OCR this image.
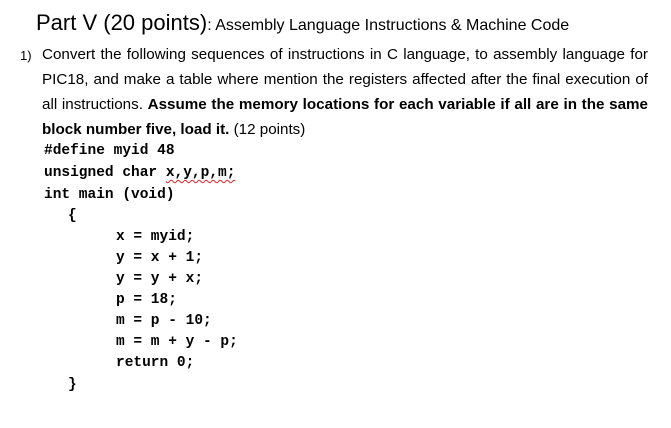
Part V (20 points): Assembly Language Instructions & Machine Code
1) Convert the following sequences of instructions in C language, to assembly language for PIC18, and make a table where mention the registers affected after the final execution of all instructions. Assume the memory locations for each variable if all are in the same block number five, load it. (12 points)
#define myid 48
unsigned char x,y,p,m;
int main (void)
{
x = myid;
y = x + 1;
y = y + x;
p = 18;
m = p - 10;
m = m + y - p;
return 0;
}
